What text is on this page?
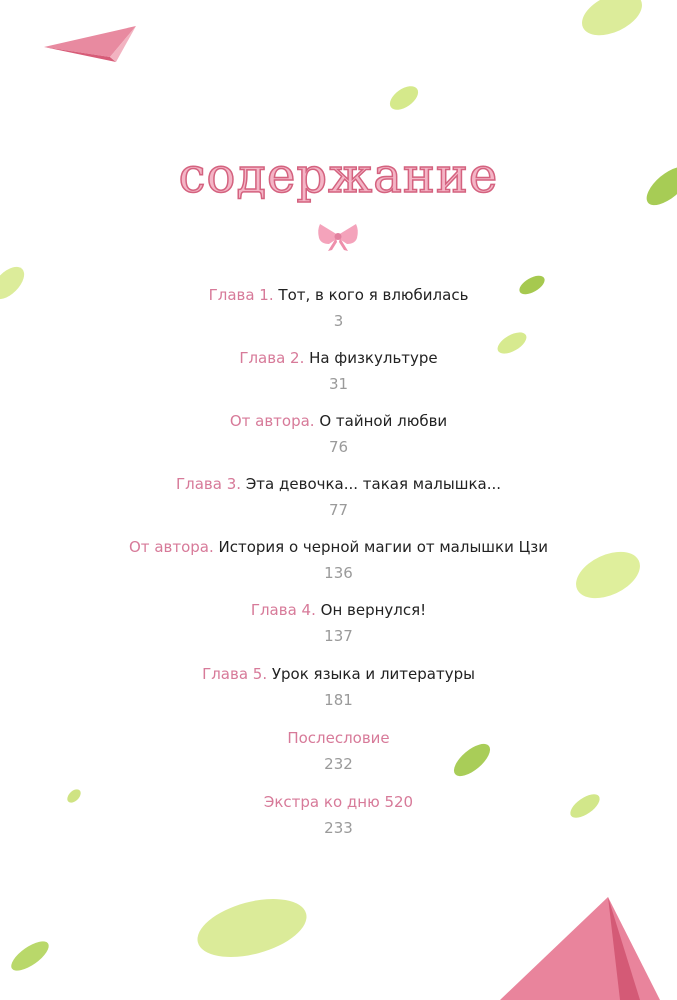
содержание
Глава 1. Тот, в кого я влюбилась
3
Глава 2. На физкультуре
31
От автора. О тайной любви
76
Глава 3. Эта девочка... такая малышка...
77
От автора. История о черной магии от малышки Цзи
136
Глава 4. Он вернулся!
137
Глава 5. Урок языка и литературы
181
Послесловие
232
Экстра ко дню 520
233
